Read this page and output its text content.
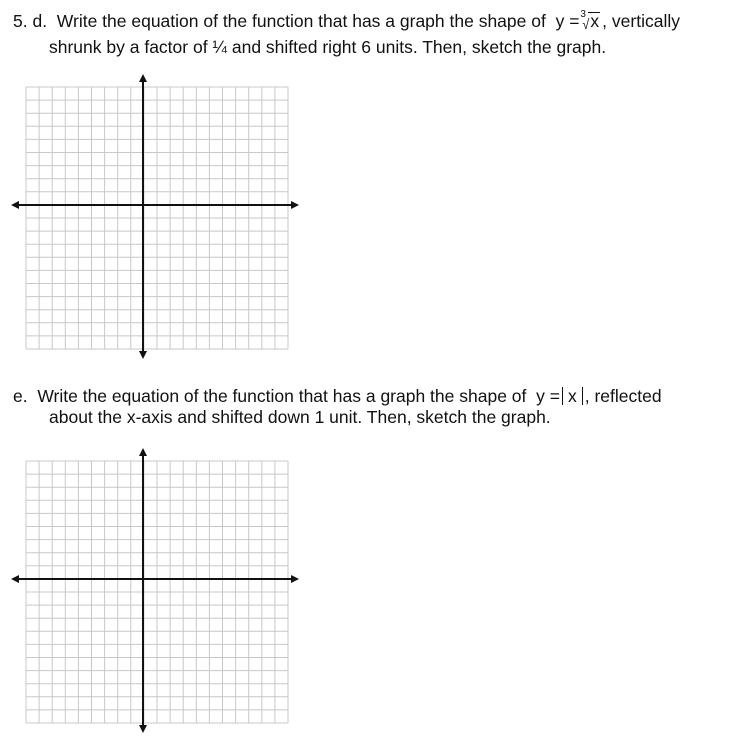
5. d. Write the equation of the function that has a graph the shape of y = 3
√ x , vertically
shrunk by a factor of ¼ and shifted right 6 units. Then, sketch the graph.
e. Write the equation of the function that has a graph the shape of y = x , reflected
about the x-axis and shifted down 1 unit. Then, sketch the graph.
